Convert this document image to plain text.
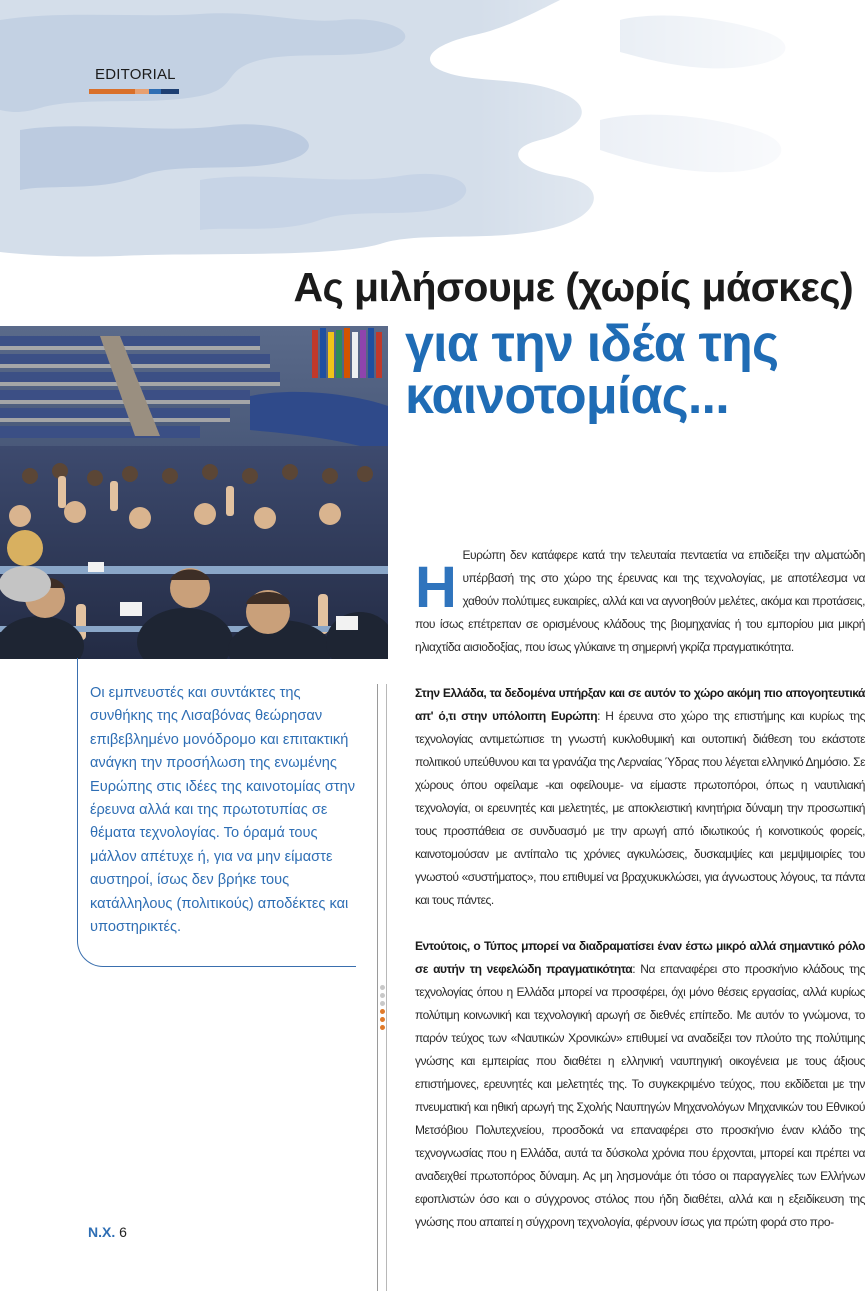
EDITORIAL
Ας μιλήσουμε (χωρίς μάσκες)
για την ιδέα της
καινοτομίας...
Οι εμπνευστές και συντάκτες της συνθήκης της Λισαβόνας θεώρησαν επιβεβλημένο μονόδρομο και επιτακτική ανάγκη την προσήλωση της ενωμένης Ευρώπης στις ιδέες της καινοτομίας στην έρευνα αλλά και της πρωτοτυπίας σε θέματα τεχνολογίας. Το όραμά τους μάλλον απέτυχε ή, για να μην είμαστε αυστηροί, ίσως δεν βρήκε τους κατάλληλους (πολιτικούς) αποδέκτες και υποστηρικτές.

Η Ευρώπη δεν κατάφερε κατά την τελευταία πενταετία να επιδείξει την αλματώδη υπέρβασή της στο χώρο της έρευνας και της τεχνολογίας, με αποτέλεσμα να χαθούν πολύτιμες ευκαιρίες, αλλά και να αγνοηθούν μελέτες, ακόμα και προτάσεις, που ίσως επέτρεπαν σε ορισμένους κλάδους της βιομηχανίας ή του εμπορίου μια μικρή ηλιαχτίδα αισιοδοξίας, που ίσως γλύκαινε τη σημερινή γκρίζα πραγματικότητα.

Στην Ελλάδα, τα δεδομένα υπήρξαν και σε αυτόν το χώρο ακόμη πιο απογοητευτικά απ' ό,τι στην υπόλοιπη Ευρώπη: Η έρευνα στο χώρο της επιστήμης και κυρίως της τεχνολογίας αντιμετώπισε τη γνωστή κυκλοθυμική και ουτοπική διάθεση του εκάστοτε πολιτικού υπεύθυνου και τα γρανάζια της Λερναίας Ύδρας που λέγεται ελληνικό Δημόσιο. Σε χώρους όπου οφείλαμε -και οφείλουμε- να είμαστε πρωτοπόροι, όπως η ναυτιλιακή τεχνολογία, οι ερευνητές και μελετητές, με αποκλειστική κινητήρια δύναμη την προσωπική τους προσπάθεια σε συνδυασμό με την αρωγή από ιδιωτικούς ή κοινοτικούς φορείς, καινοτομούσαν με αντίπαλο τις χρόνιες αγκυλώσεις, δυσκαμψίες και μεμψιμοιρίες του γνωστού «συστήματος», που επιθυμεί να βραχυκυκλώσει, για άγνωστους λόγους, τα πάντα και τους πάντες.

Εντούτοις, ο Τύπος μπορεί να διαδραματίσει έναν έστω μικρό αλλά σημαντικό ρόλο σε αυτήν τη νεφελώδη πραγματικότητα: Να επαναφέρει στο προσκήνιο κλάδους της τεχνολογίας όπου η Ελλάδα μπορεί να προσφέρει, όχι μόνο θέσεις εργασίας, αλλά κυρίως πολύτιμη κοινωνική και τεχνολογική αρωγή σε διεθνές επίπεδο. Με αυτόν το γνώμονα, το παρόν τεύχος των «Ναυτικών Χρονικών» επιθυμεί να αναδείξει τον πλούτο της πολύτιμης γνώσης και εμπειρίας που διαθέτει η ελληνική ναυπηγική οικογένεια με τους άξιους επιστήμονες, ερευνητές και μελετητές της. Το συγκεκριμένο τεύχος, που εκδίδεται με την πνευματική και ηθική αρωγή της Σχολής Ναυπηγών Μηχανολόγων Μηχανικών του Εθνικού Μετσόβιου Πολυτεχνείου, προσδοκά να επαναφέρει στο προσκήνιο έναν κλάδο της τεχνογνωσίας που η Ελλάδα, αυτά τα δύσκολα χρόνια που έρχονται, μπορεί και πρέπει να αναδειχθεί πρωτοπόρος δύναμη. Ας μη λησμονάμε ότι τόσο οι παραγγελίες των Ελλήνων εφοπλιστών όσο και ο σύγχρονος στόλος που ήδη διαθέτει, αλλά και η εξειδίκευση της γνώσης που απαιτεί η σύγχρονη τεχνολογία, φέρνουν ίσως για πρώτη φορά στο προ-

N.X. 6
